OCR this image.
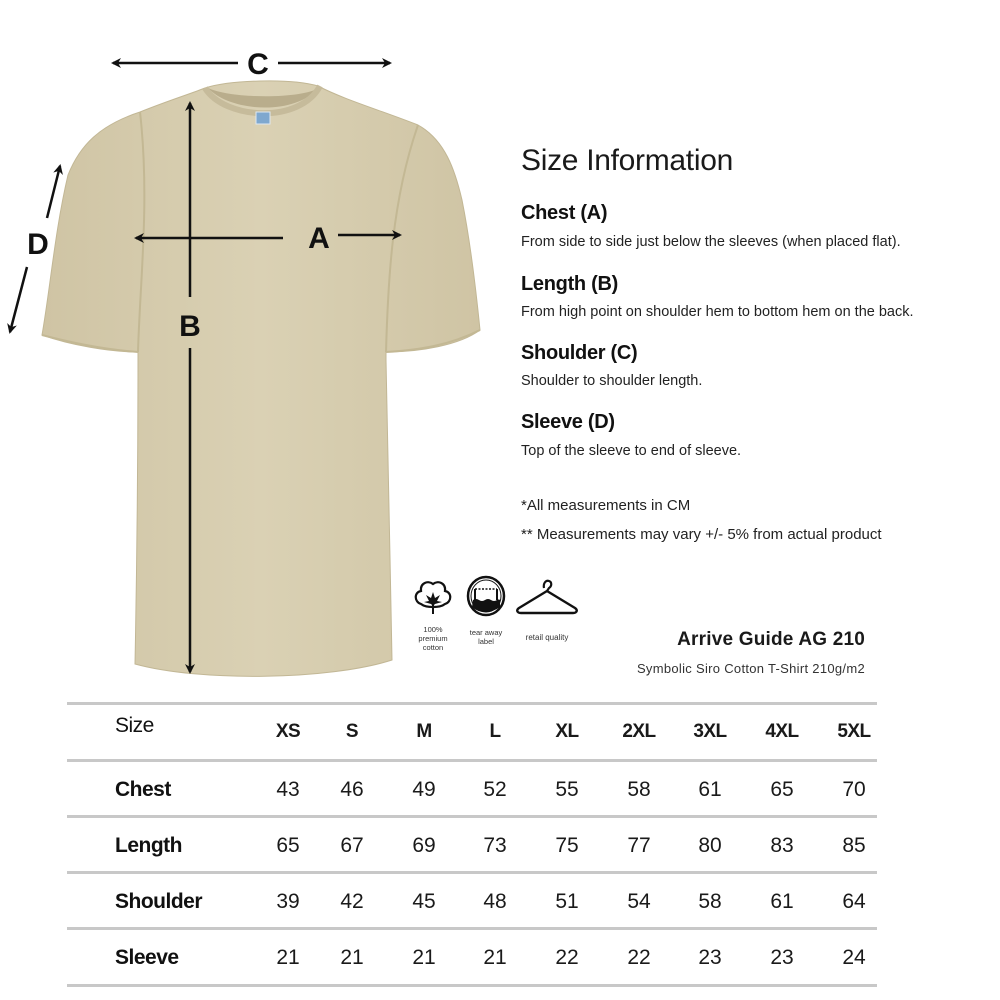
C
A
B
D
Size Information
Chest (A)
From side to side just below the sleeves (when placed flat).
Length (B)
From high point on shoulder hem to bottom hem on the back.
Shoulder (C)
Shoulder to shoulder length.
Sleeve (D)
Top of the sleeve to end of sleeve.
*All measurements in CM
** Measurements may vary +/- 5% from actual product
100%
premium
cotton
tear away
label	retail quality	Arrive Guide AG 210
Symbolic Siro Cotton T-Shirt 210g/m2
Size	XS	S	M	L	XL	2XL	3XL	4XL	5XL
Chest	43	46	49	52	55	58	61	65	70
Length	65	67	69	73	75	77	80	83	85
Shoulder	39	42	45	48	51	54	58	61	64
Sleeve	21	21	21	21	22	22	23	23	24
